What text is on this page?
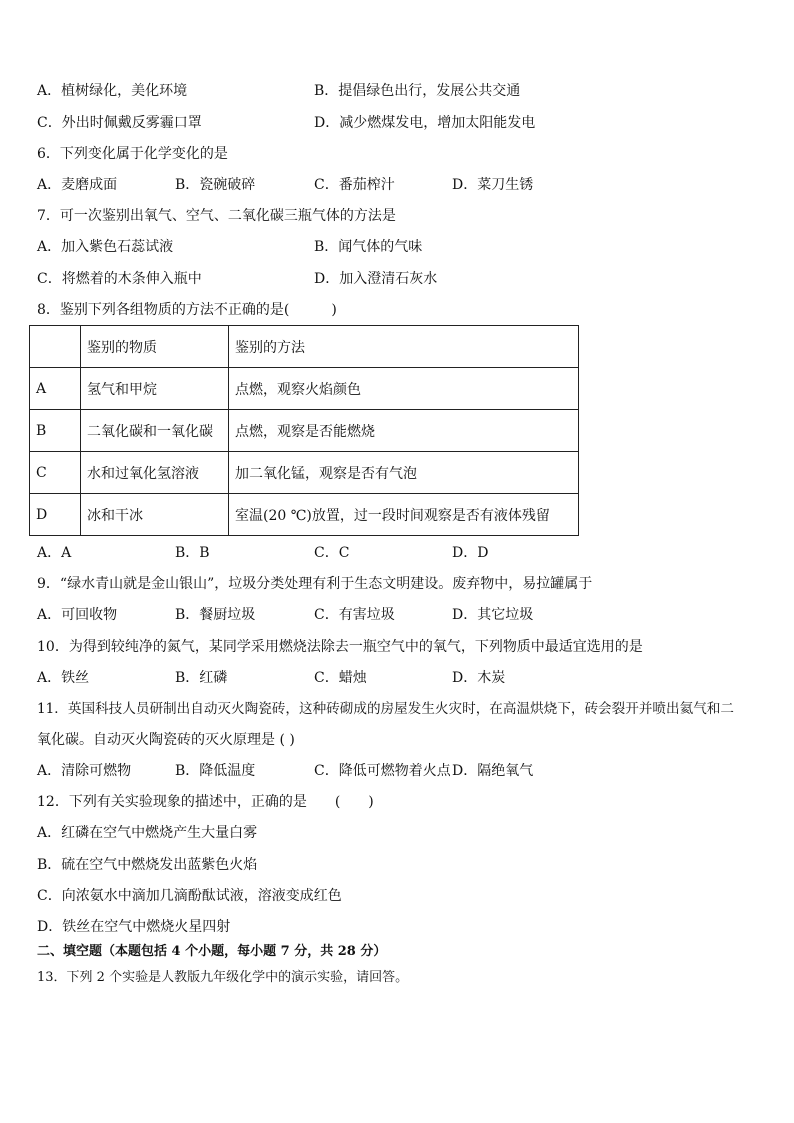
A．植树绿化，美化环境	B．提倡绿色出行，发展公共交通
C．外出时佩戴反雾霾口罩	D．减少燃煤发电，增加太阳能发电
6．下列变化属于化学变化的是
A．麦磨成面	B．瓷碗破碎	C．番茄榨汁	D．菜刀生锈
7．可一次鉴别出氧气、空气、二氧化碳三瓶气体的方法是
A．加入紫色石蕊试液	B．闻气体的气味
C．将燃着的木条伸入瓶中	D．加入澄清石灰水
8．鉴别下列各组物质的方法不正确的是(　　　)
	鉴别的物质	鉴别的方法
A	氢气和甲烷	点燃，观察火焰颜色
B	二氧化碳和一氧化碳	点燃，观察是否能燃烧
C	水和过氧化氢溶液	加二氧化锰，观察是否有气泡
D	冰和干冰	室温(20 ℃)放置，过一段时间观察是否有液体残留
A．A	B．B	C．C	D．D
9．“绿水青山就是金山银山”，垃圾分类处理有利于生态文明建设。废弃物中，易拉罐属于
A．可回收物	B．餐厨垃圾	C．有害垃圾	D．其它垃圾
10．为得到较纯净的氮气，某同学采用燃烧法除去一瓶空气中的氧气，下列物质中最适宜选用的是
A．铁丝	B．红磷	C．蜡烛	D．木炭
11．英国科技人员研制出自动灭火陶瓷砖，这种砖砌成的房屋发生火灾时，在高温烘烧下，砖会裂开并喷出氦气和二
氧化碳。自动灭火陶瓷砖的灭火原理是 ( )
A．清除可燃物	B．降低温度	C．降低可燃物着火点 D．隔绝氧气
12．下列有关实验现象的描述中，正确的是　　(　　)
A．红磷在空气中燃烧产生大量白雾
B．硫在空气中燃烧发出蓝紫色火焰
C．向浓氨水中滴加几滴酚酞试液，溶液变成红色
D．铁丝在空气中燃烧火星四射
二、填空题（本题包括 4 个小题，每小题 7 分，共 28 分）
13．下列 2 个实验是人教版九年级化学中的演示实验，请回答。
